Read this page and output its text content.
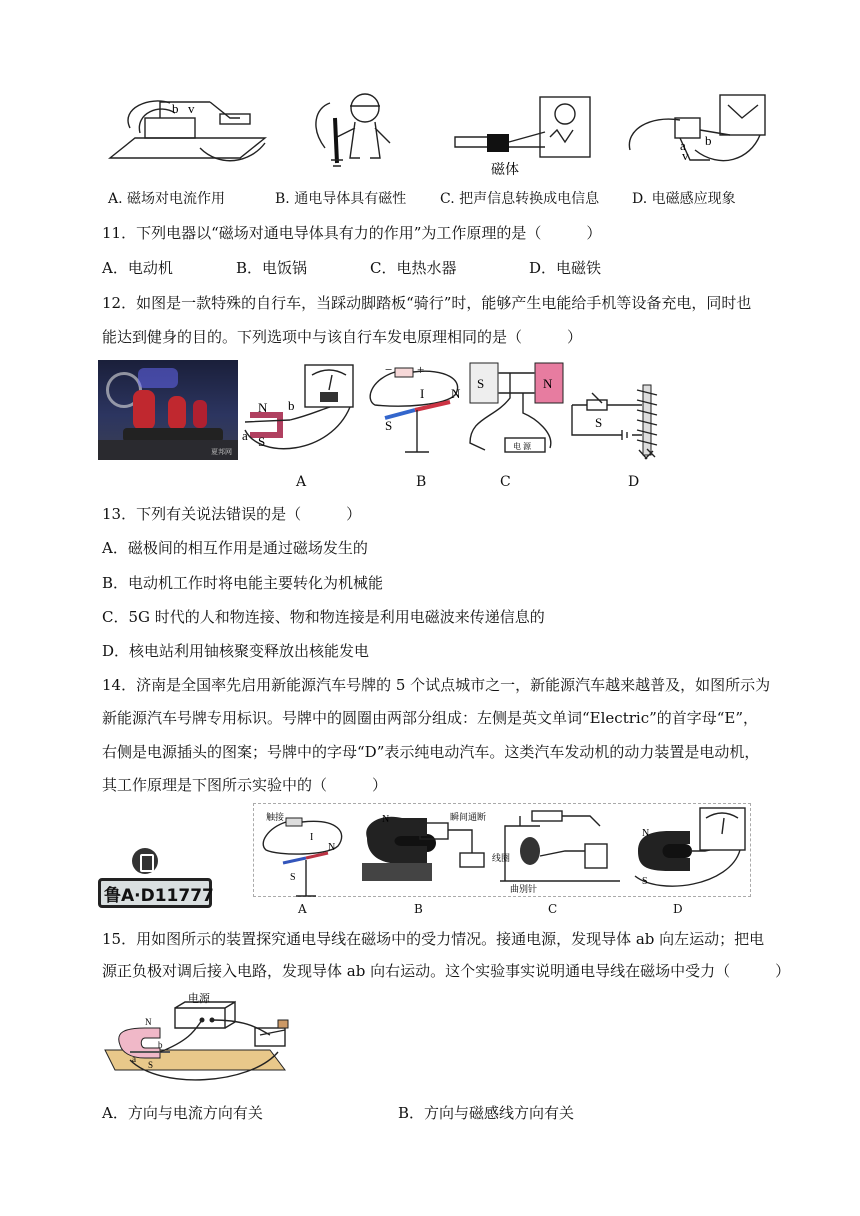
b v
A. 磁场对电流作用	B. 通电导体具有磁性
磁体
C. 把声信息转换成电信息
a b
v
D. 电磁感应现象
11．下列电器以“磁场对通电导体具有力的作用”为工作原理的是（　　　）
A．电动机	B．电饭锅	C．电热水器	D．电磁铁
12．如图是一款特殊的自行车，当踩动脚踏板“骑行”时，能够产生电能给手机等设备充电，同时也
能达到健身的目的。下列选项中与该自行车发电原理相同的是（　　　）
夏邦网
N b
S
a
A
− +
S
N
I
B
S	N
电 源
C
S
D
13．下列有关说法错误的是（　　　）
A．磁极间的相互作用是通过磁场发生的
B．电动机工作时将电能主要转化为机械能
C．5G 时代的人和物连接、物和物连接是利用电磁波来传递信息的
D．核电站利用铀核聚变释放出核能发电
14．济南是全国率先启用新能源汽车号牌的 5 个试点城市之一，新能源汽车越来越普及，如图所示为
新能源汽车号牌专用标识。号牌中的圆圈由两部分组成：左侧是英文单词“Electric”的首字母“E”，
右侧是电源插头的图案；号牌中的字母“D”表示纯电动汽车。这类汽车发动机的动力装置是电动机，
其工作原理是下图所示实验中的（　　　）
鲁A·D11777
触接
I
S
N
A
N	瞬间通断
B
线圈
曲别针
C
N
S
D
15．用如图所示的装置探究通电导线在磁场中的受力情况。接通电源，发现导体 ab 向左运动；把电
源正负极对调后接入电路，发现导体 ab 向右运动。这个实验事实说明通电导线在磁场中受力（　　　）
电源
N
S
a
b
A．方向与电流方向有关	B．方向与磁感线方向有关
